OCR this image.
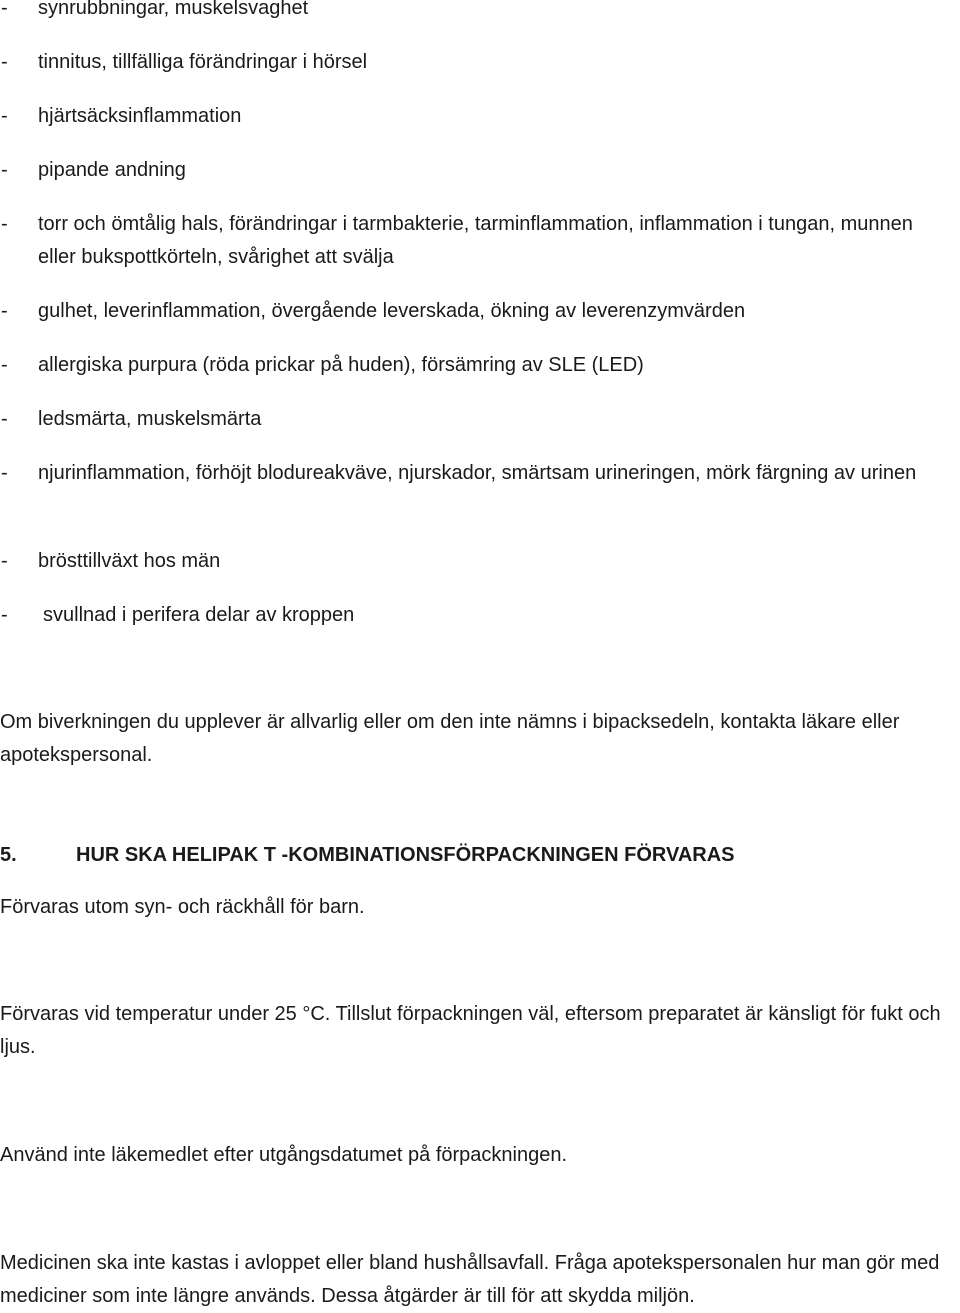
- synrubbningar, muskelsvaghet
- tinnitus, tillfälliga förändringar i hörsel
- hjärtsäcksinflammation
- pipande andning
- torr och ömtålig hals, förändringar i tarmbakterie, tarminflammation, inflammation i tungan, munnen eller bukspottkörteln, svårighet att svälja
- gulhet, leverinflammation, övergående leverskada, ökning av leverenzymvärden
- allergiska purpura (röda prickar på huden), försämring av SLE (LED)
- ledsmärta, muskelsmärta
- njurinflammation, förhöjt blodureakväve, njurskador, smärtsam urineringen, mörk färgning av urinen
- brösttillväxt hos män
- svullnad i perifera delar av kroppen
Om biverkningen du upplever är allvarlig eller om den inte nämns i bipacksedeln, kontakta läkare eller apotekspersonal.
5.	HUR SKA HELIPAK T -KOMBINATIONSFÖRPACKNINGEN FÖRVARAS
Förvaras utom syn- och räckhåll för barn.
Förvaras vid temperatur under 25 °C. Tillslut förpackningen väl, eftersom preparatet är känsligt för fukt och ljus.
Använd inte läkemedlet efter utgångsdatumet på förpackningen.
Medicinen ska inte kastas i avloppet eller bland hushållsavfall. Fråga apotekspersonalen hur man gör med mediciner som inte längre används. Dessa åtgärder är till för att skydda miljön.
